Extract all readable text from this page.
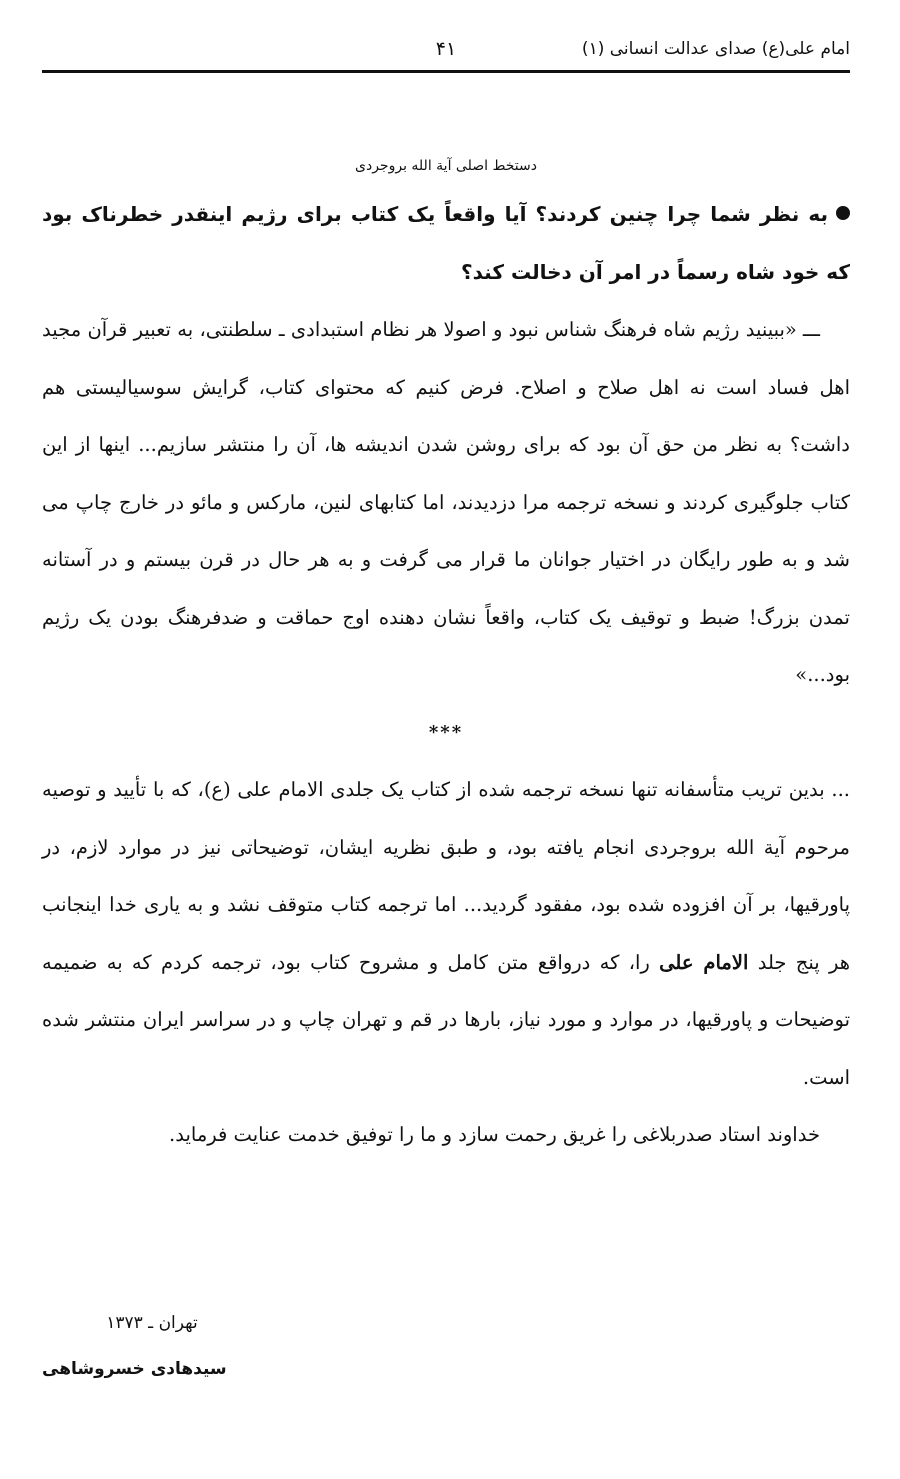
امام علی(ع) صدای عدالت انسانی (۱)
۴۱
دستخط اصلی آیة الله بروجردی

به نظر شما چرا چنین کردند؟ آیا واقعاً یک کتاب برای رژیم اینقدر خطرناک بود که خود شاه رسماً در امر آن دخالت کند؟

ـــ«ببینید رژیم شاه فرهنگ شناس نبود و اصولا هر نظام استبدادی ـ سلطنتی، به تعبیر قرآن مجید اهل فساد است نه اهل صلاح و اصلاح. فرض کنیم که محتوای کتاب، گرایش سوسیالیستی هم داشت؟ به نظر من حق آن بود که برای روشن شدن اندیشه ها، آن را منتشر سازیم... اینها از این کتاب جلوگیری کردند و نسخه ترجمه مرا دزدیدند، اما کتابهای لنین، مارکس و مائو در خارج چاپ می شد و به طور رایگان در اختیار جوانان ما قرار می گرفت و به هر حال در قرن بیستم و در آستانه تمدن بزرگ! ضبط و توقیف یک کتاب، واقعاً نشان دهنده اوج حماقت و ضدفرهنگ بودن یک رژیم بود...»

***

... بدین تریب متأسفانه تنها نسخه ترجمه شده از کتاب یک جلدی الامام علی (ع)، که با تأیید و توصیه مرحوم آیة الله بروجردی انجام یافته بود، و طبق نظریه ایشان، توضیحاتی نیز در موارد لازم، در پاورقیها، بر آن افزوده شده بود، مفقود گردید... اما ترجمه کتاب متوقف نشد و به یاری خدا اینجانب هر پنج جلد الامام علی را، که درواقع متن کامل و مشروح کتاب بود، ترجمه کردم که به ضمیمه توضیحات و پاورقیها، در موارد و مورد نیاز، بارها در قم و تهران چاپ و در سراسر ایران منتشر شده است.

خداوند استاد صدربلاغی را غریق رحمت سازد و ما را توفیق خدمت عنایت فرماید.

تهران ـ ۱۳۷۳
سیدهادی خسروشاهی
